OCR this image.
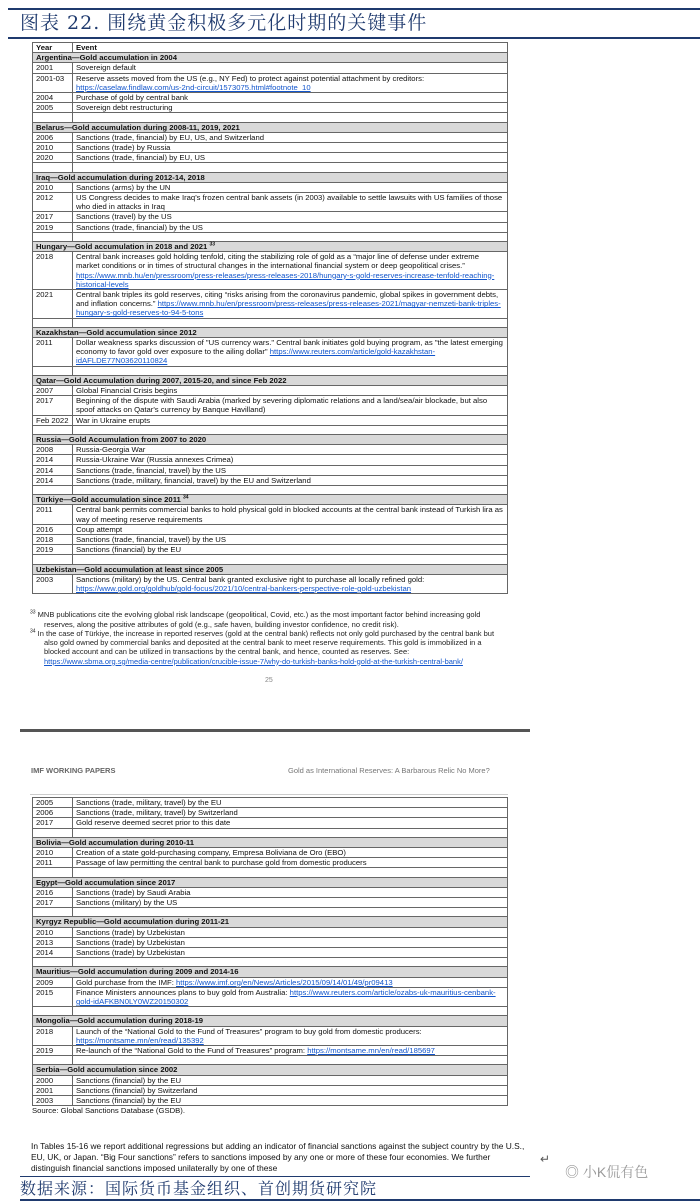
图表 22. 围绕黄金积极多元化时期的关键事件
Year	Event
Argentina—Gold accumulation in 2004	
2001	Sovereign default
2001-03	Reserve assets moved from the US (e.g., NY Fed) to protect against potential attachment by creditors: https://caselaw.findlaw.com/us-2nd-circuit/1573075.html#footnote_10
2004	Purchase of gold by central bank
2005	Sovereign debt restructuring

Belarus—Gold accumulation during 2008-11, 2019, 2021	
2006	Sanctions (trade, financial) by EU, US, and Switzerland
2010	Sanctions (trade) by Russia
2020	Sanctions (trade, financial) by EU, US

Iraq—Gold accumulation during 2012-14, 2018	
2010	Sanctions (arms) by the UN
2012	US Congress decides to make Iraq's frozen central bank assets (in 2003) available to settle lawsuits with US families of those who died in attacks in Iraq
2017	Sanctions (travel) by the US
2019	Sanctions (trade, financial) by the US

Hungary—Gold accumulation in 2018 and 2021 $^{33}$
2018	Central bank increases gold holding tenfold, citing the stabilizing role of gold as a “major line of defense under extreme market conditions or in times of structural changes in the international financial system or deep geopolitical crises.” https://www.mnb.hu/en/pressroom/press-releases/press-releases-2018/hungary-s-gold-reserves-increase-tenfold-reaching-historical-levels
2021	Central bank triples its gold reserves, citing “risks arising from the coronavirus pandemic, global spikes in government debts, and inflation concerns.” https://www.mnb.hu/en/pressroom/press-releases/press-releases-2021/magyar-nemzeti-bank-triples-hungary-s-gold-reserves-to-94-5-tons

Kazakhstan—Gold accumulation since 2012	
2011	Dollar weakness sparks discussion of "US currency wars." Central bank initiates gold buying program, as "the latest emerging economy to favor gold over exposure to the ailing dollar" https://www.reuters.com/article/gold-kazakhstan-idAFLDE77N03620110824

Qatar—Gold Accumulation during 2007, 2015-20, and since Feb 2022	
2007	Global Financial Crisis begins
2017	Beginning of the dispute with Saudi Arabia (marked by severing diplomatic relations and a land/sea/air blockade, but also spoof attacks on Qatar's currency by Banque Havilland)
Feb 2022	War in Ukraine erupts

Russia—Gold Accumulation from 2007 to 2020	
2008	Russia-Georgia War
2014	Russia-Ukraine War (Russia annexes Crimea)
2014	Sanctions (trade, financial, travel) by the US
2014	Sanctions (trade, military, financial, travel) by the EU and Switzerland

Türkiye—Gold accumulation since 2011 $^{34}$
2011	Central bank permits commercial banks to hold physical gold in blocked accounts at the central bank instead of Turkish lira as way of meeting reserve requirements
2016	Coup attempt
2018	Sanctions (trade, financial, travel) by the US
2019	Sanctions (financial) by the EU

Uzbekistan—Gold accumulation at least since 2005	
2003	Sanctions (military) by the US. Central bank granted exclusive right to purchase all locally refined gold: https://www.gold.org/goldhub/gold-focus/2021/10/central-bankers-perspective-role-gold-uzbekistan
$^{33}$ MNB publications cite the evolving global risk landscape (geopolitical, Covid, etc.) as the most important factor behind increasing gold reserves, along the positive attributes of gold (e.g., safe haven, building investor confidence, no credit risk).
$^{34}$ In the case of Türkiye, the increase in reported reserves (gold at the central bank) reflects not only gold purchased by the central bank but also gold owned by commercial banks and deposited at the central bank to meet reserve requirements. This gold is immobilized in a blocked account and can be utilized in transactions by the central bank, and hence, counted as reserves. See: https://www.sbma.org.sg/media-centre/publication/crucible-issue-7/why-do-turkish-banks-hold-gold-at-the-turkish-central-bank/
25
IMF WORKING PAPERS	Gold as International Reserves: A Barbarous Relic No More?
2005	Sanctions (trade, military, travel) by the EU
2006	Sanctions (trade, military, travel) by Switzerland
2017	Gold reserve deemed secret prior to this date

Bolivia—Gold accumulation during 2010-11	
2010	Creation of a state gold-purchasing company, Empresa Boliviana de Oro (EBO)
2011	Passage of law permitting the central bank to purchase gold from domestic producers

Egypt—Gold accumulation since 2017	
2016	Sanctions (trade) by Saudi Arabia
2017	Sanctions (military) by the US

Kyrgyz Republic—Gold accumulation during 2011-21	
2010	Sanctions (trade) by Uzbekistan
2013	Sanctions (trade) by Uzbekistan
2014	Sanctions (trade) by Uzbekistan

Mauritius—Gold accumulation during 2009 and 2014-16	
2009	Gold purchase from the IMF: https://www.imf.org/en/News/Articles/2015/09/14/01/49/pr09413
2015	Finance Ministers announces plans to buy gold from Australia: https://www.reuters.com/article/ozabs-uk-mauritius-cenbank-gold-idAFKBN0LY0WZ20150302

Mongolia—Gold accumulation during 2018-19	
2018	Launch of the “National Gold to the Fund of Treasures” program to buy gold from domestic producers: https://montsame.mn/en/read/135392
2019	Re-launch of the “National Gold to the Fund of Treasures” program: https://montsame.mn/en/read/185697

Serbia—Gold accumulation since 2002	
2000	Sanctions (financial) by the EU
2001	Sanctions (financial) by Switzerland
2003	Sanctions (financial) by the EU
Source: Global Sanctions Database (GSDB).
In Tables 15-16 we report additional regressions but adding an indicator of financial sanctions against the subject country by the U.S., EU, UK, or Japan. “Big Four sanctions” refers to sanctions imposed by any one or more of these four economies. We further distinguish financial sanctions imposed unilaterally by one of these
↵
数据来源：国际货币基金组织、首创期货研究院
◎ 小K侃有色
